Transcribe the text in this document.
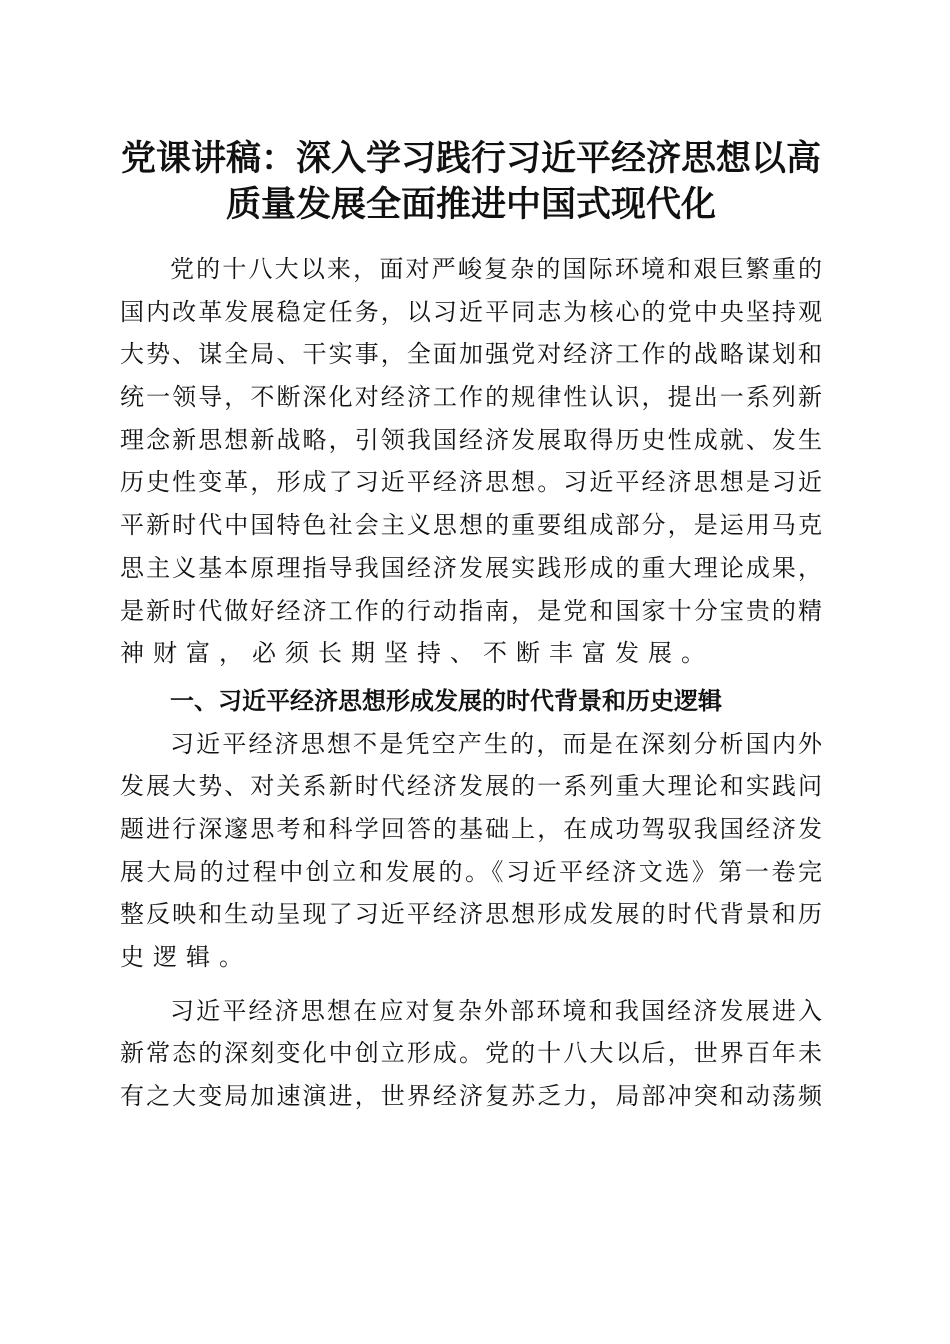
党课讲稿：深入学习践行习近平经济思想以高
质量发展全面推进中国式现代化
党的十八大以来，面对严峻复杂的国际环境和艰巨繁重的
国内改革发展稳定任务，以习近平同志为核心的党中央坚持观
大势、谋全局、干实事，全面加强党对经济工作的战略谋划和
统一领导，不断深化对经济工作的规律性认识，提出一系列新
理念新思想新战略，引领我国经济发展取得历史性成就、发生
历史性变革，形成了习近平经济思想。习近平经济思想是习近
平新时代中国特色社会主义思想的重要组成部分，是运用马克
思主义基本原理指导我国经济发展实践形成的重大理论成果，
是新时代做好经济工作的行动指南，是党和国家十分宝贵的精
神财富，必须长期坚持、不断丰富发展。
一、习近平经济思想形成发展的时代背景和历史逻辑
习近平经济思想不是凭空产生的，而是在深刻分析国内外
发展大势、对关系新时代经济发展的一系列重大理论和实践问
题进行深邃思考和科学回答的基础上，在成功驾驭我国经济发
展大局的过程中创立和发展的。《习近平经济文选》第一卷完
整反映和生动呈现了习近平经济思想形成发展的时代背景和历
史逻辑。
习近平经济思想在应对复杂外部环境和我国经济发展进入
新常态的深刻变化中创立形成。党的十八大以后，世界百年未
有之大变局加速演进，世界经济复苏乏力，局部冲突和动荡频
